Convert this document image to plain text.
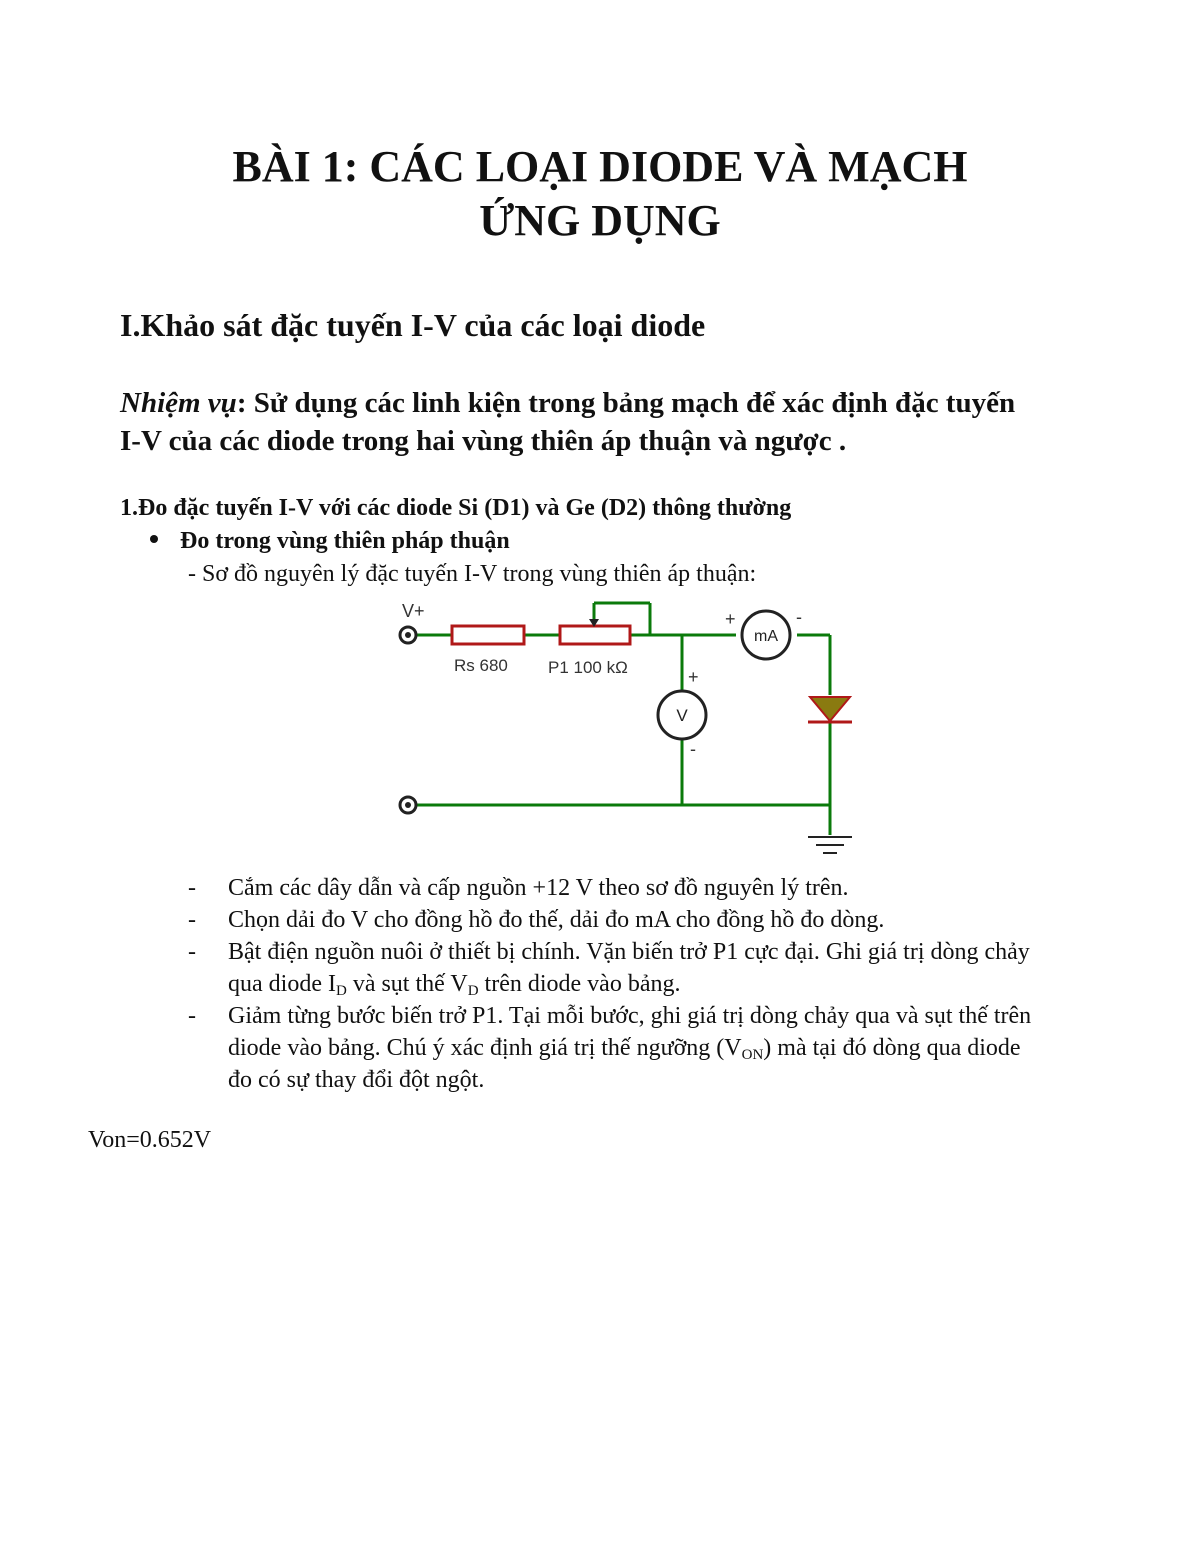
BÀI 1: CÁC LOẠI DIODE VÀ MẠCH
ỨNG DỤNG
I.Khảo sát đặc tuyến I-V của các loại diode
Nhiệm vụ: Sử dụng các linh kiện trong bảng mạch để xác định đặc tuyến I-V của các diode trong hai vùng thiên áp thuận và ngược .
1.Đo đặc tuyến I-V với các diode Si (D1) và Ge (D2) thông thường
Đo trong vùng thiên pháp thuận
- Sơ đồ nguyên lý đặc tuyến I-V trong vùng thiên áp thuận:
V+
Rs 680 P1 100 kΩ
+
mA
-
+
V
-
- Cắm các dây dẫn và cấp nguồn +12 V theo sơ đồ nguyên lý trên.
- Chọn dải đo V cho đồng hồ đo thế, dải đo mA cho đồng hồ đo dòng.
- Bật điện nguồn nuôi ở thiết bị chính. Vặn biến trở P1 cực đại. Ghi giá trị dòng chảy qua diode $I_D$ và sụt thế $V_D$ trên diode vào bảng.
- Giảm từng bước biến trở P1. Tại mỗi bước, ghi giá trị dòng chảy qua và sụt thế trên diode vào bảng. Chú ý xác định giá trị thế ngưỡng $(V_{ON})$ mà tại đó dòng qua diode đo có sự thay đổi đột ngột.
Von=0.652V
